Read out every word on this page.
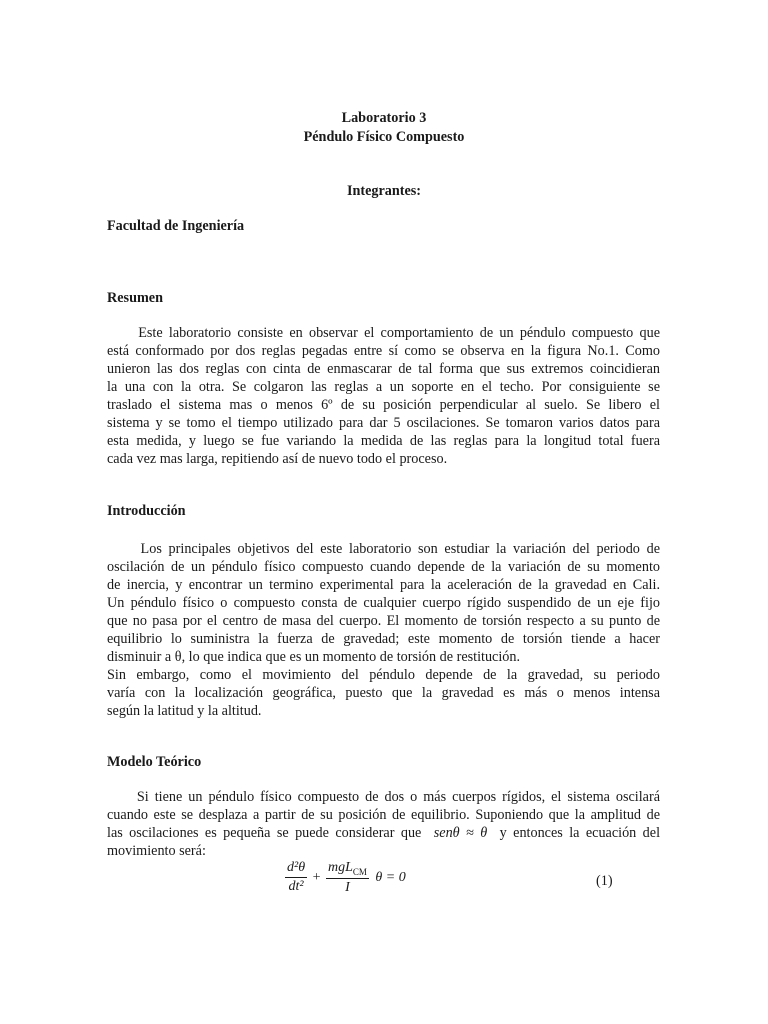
Laboratorio 3
Péndulo Físico Compuesto
Integrantes:
Facultad de Ingeniería
Resumen
Este laboratorio consiste en observar el comportamiento de un péndulo compuesto que
está conformado por dos reglas pegadas entre sí como se observa en la figura No.1. Como
unieron las dos reglas con cinta de enmascarar de tal forma que sus extremos coincidieran
la una con la otra. Se colgaron las reglas a un soporte en el techo. Por consiguiente se
traslado el sistema mas o menos 6º de su posición perpendicular al suelo. Se libero el
sistema y se tomo el tiempo utilizado para dar 5 oscilaciones. Se tomaron varios datos para
esta medida, y luego se fue variando la medida de las reglas para la longitud total fuera
cada vez mas larga, repitiendo así de nuevo todo el proceso.
Introducción
Los principales objetivos del este laboratorio son estudiar la variación del periodo de
oscilación de un péndulo físico compuesto cuando depende de la variación de su momento
de inercia, y encontrar un termino experimental para la aceleración de la gravedad en Cali.
Un péndulo físico o compuesto consta de cualquier cuerpo rígido suspendido de un eje fijo
que no pasa por el centro de masa del cuerpo. El momento de torsión respecto a su punto de
equilibrio lo suministra la fuerza de gravedad; este momento de torsión tiende a hacer
disminuir a θ, lo que indica que es un momento de torsión de restitución.
Sin embargo, como el movimiento del péndulo depende de la gravedad, su periodo
varía con la localización geográfica, puesto que la gravedad es más o menos intensa
según la latitud y la altitud.
Modelo Teórico
Si tiene un péndulo físico compuesto de dos o más cuerpos rígidos, el sistema oscilará
cuando este se desplaza a partir de su posición de equilibrio. Suponiendo que la amplitud de
las oscilaciones es pequeña se puede considerar que senθ ≈ θ y entonces la ecuación del
movimiento será:
$\frac{\text{d²θ}}{\text{dt²}} + \frac{mgL_{CM}}{I}$ θ = 0	(1)
